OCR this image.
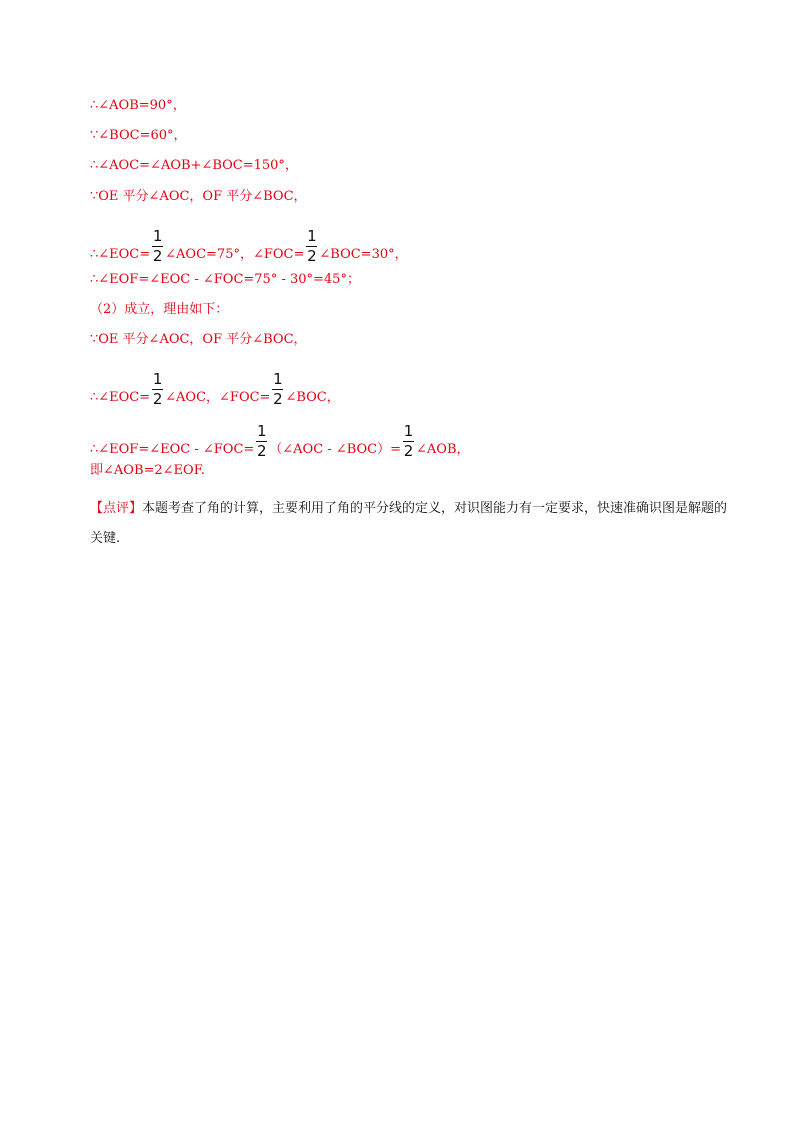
∴∠AOB=90°，
∵∠BOC=60°，
∴∠AOC=∠AOB+∠BOC=150°，
∵OE 平分∠AOC，OF 平分∠BOC，
∴∠EOC= $\frac{1}{2}$ ∠AOC=75°，∠FOC= $\frac{1}{2}$ ∠BOC=30°，
∴∠EOF=∠EOC - ∠FOC=75° - 30°=45°；
（2）成立，理由如下：
∵OE 平分∠AOC，OF 平分∠BOC，
∴∠EOC= $\frac{1}{2}$ ∠AOC，∠FOC= $\frac{1}{2}$ ∠BOC，
∴∠EOF=∠EOC - ∠FOC= $\frac{1}{2}$ （∠AOC - ∠BOC）= $\frac{1}{2}$ ∠AOB，
即∠AOB=2∠EOF.
【点评】本题考查了角的计算，主要利用了角的平分线的定义，对识图能力有一定要求，快速准确识图是解题的关键.
